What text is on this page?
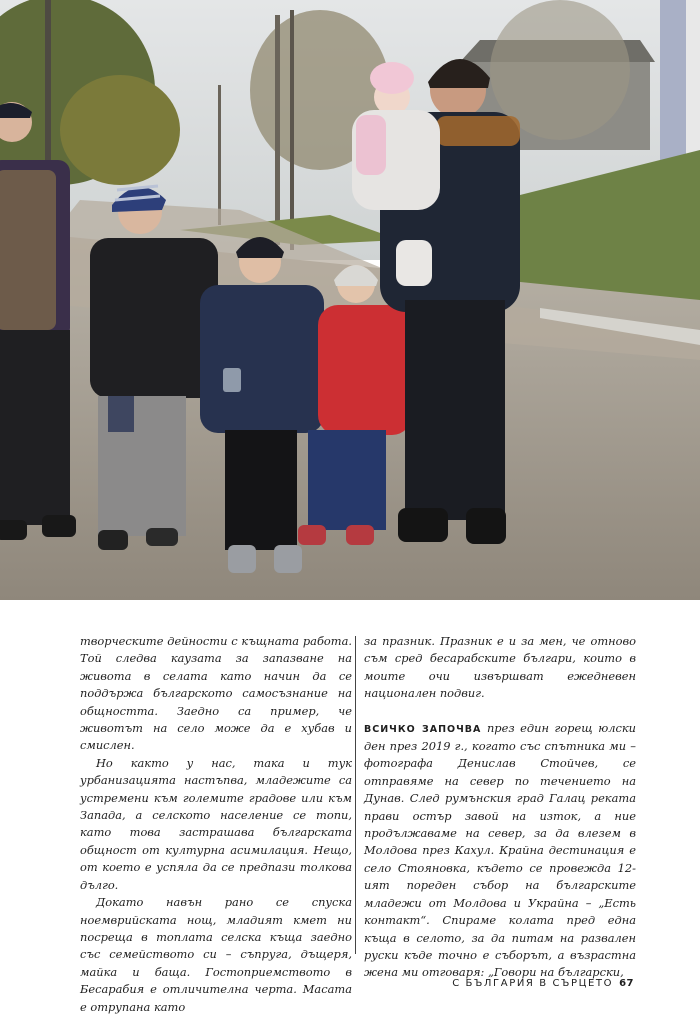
творческите дейности с къщната работа. Той следва каузата за запазване на живота в селата като начин да се поддържа българското самосъзнание на общността. Заедно са пример, че животът на село може да е хубав и смислен.

Но както у нас, така и тук урбанизацията настъпва, младежите са устремени към големите градове или към Запада, а селското население се топи, като това застрашава българската общност от културна асимилация. Нещо, от което е успяла да се предпази толкова дълго.

Докато навън рано се спуска ноемврийската нощ, младият кмет ни посреща в топлата селска къща заедно със семейството си – съпруга, дъщеря, майка и баща. Гостоприемството в Бесарабия е отличителна черта. Масата е отрупана като

за празник. Празник е и за мен, че отново съм сред бесарабските българи, които в моите очи извършват ежедневен национален подвиг.

ВСИЧКО ЗАПОЧВА през един горещ юлски ден през 2019 г., когато със спътника ми – фотографа Денислав Стойчев, се отправяме на север по течението на Дунав. След румънския град Галац реката прави остър завой на изток, а ние продължаваме на север, за да влезем в Молдова през Кахул. Крайна дестинация е село Стояновка, където се провежда 12-ият пореден събор на българските младежи от Молдова и Украйна – „Есть контакт“. Спираме колата пред една къща в селото, за да питам на развален руски къде точно е съборът, а възрастна жена ми отговаря: „Говори на български,

С БЪЛГАРИЯ В СЪРЦЕТО 67
